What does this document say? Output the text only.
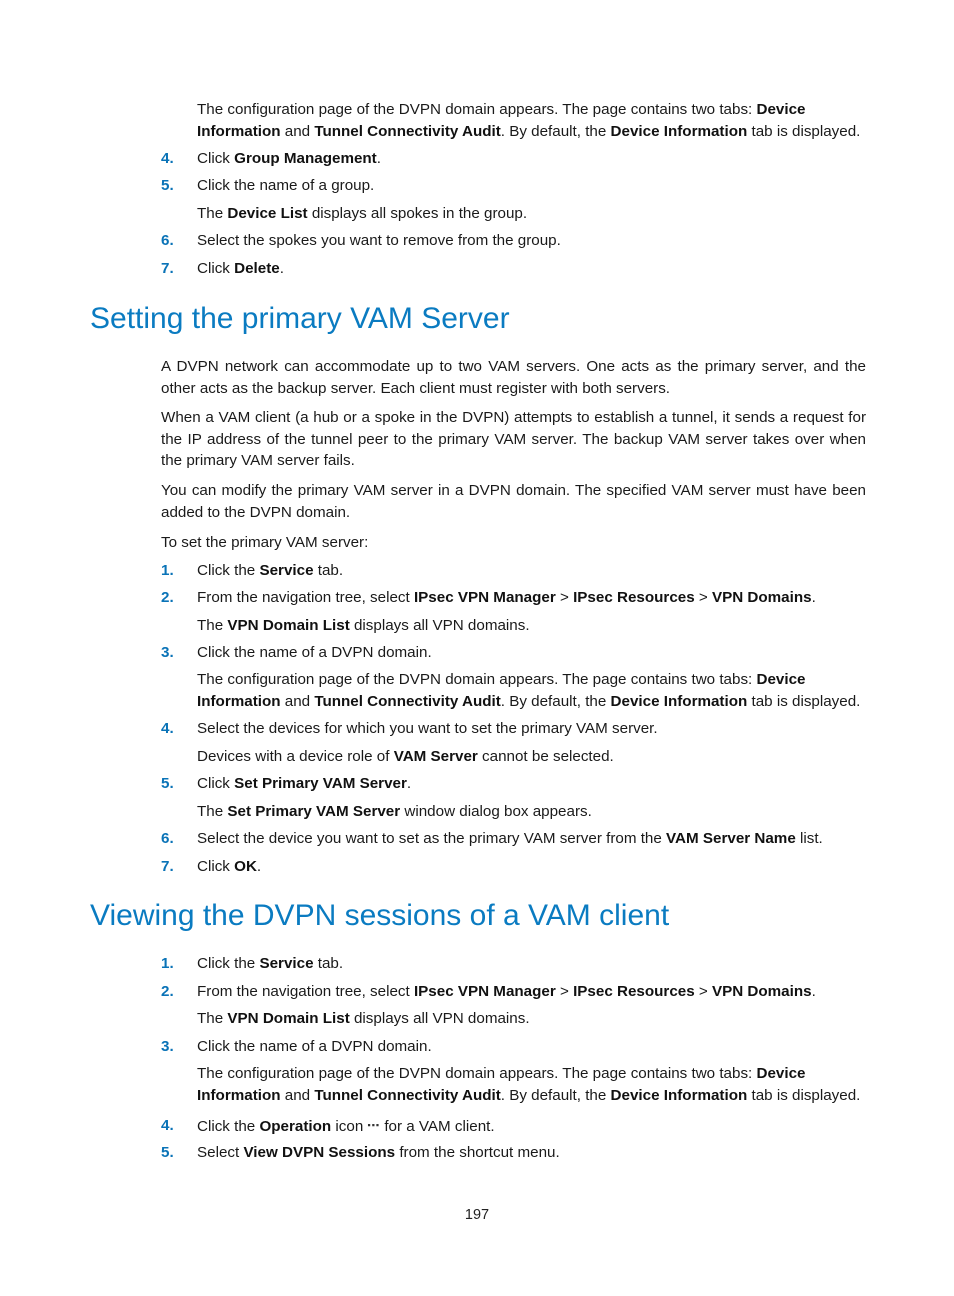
The configuration page of the DVPN domain appears. The page contains two tabs: Device Information and Tunnel Connectivity Audit. By default, the Device Information tab is displayed.

4.	Click Group Management.
5.	Click the name of a group.

The Device List displays all spokes in the group.

6.	Select the spokes you want to remove from the group.
7.	Click Delete.
Setting the primary VAM Server

A DVPN network can accommodate up to two VAM servers. One acts as the primary server, and the other acts as the backup server. Each client must register with both servers.

When a VAM client (a hub or a spoke in the DVPN) attempts to establish a tunnel, it sends a request for the IP address of the tunnel peer to the primary VAM server. The backup VAM server takes over when the primary VAM server fails.

You can modify the primary VAM server in a DVPN domain. The specified VAM server must have been added to the DVPN domain.

To set the primary VAM server:

1.	Click the Service tab.
2.	From the navigation tree, select IPsec VPN Manager > IPsec Resources > VPN Domains.

The VPN Domain List displays all VPN domains.

3.	Click the name of a DVPN domain.

The configuration page of the DVPN domain appears. The page contains two tabs: Device Information and Tunnel Connectivity Audit. By default, the Device Information tab is displayed.

4.	Select the devices for which you want to set the primary VAM server.

Devices with a device role of VAM Server cannot be selected.

5.	Click Set Primary VAM Server.

The Set Primary VAM Server window dialog box appears.

6.	Select the device you want to set as the primary VAM server from the VAM Server Name list.
7.	Click OK.
Viewing the DVPN sessions of a VAM client
1.	Click the Service tab.
2.	From the navigation tree, select IPsec VPN Manager > IPsec Resources > VPN Domains.

The VPN Domain List displays all VPN domains.

3.	Click the name of a DVPN domain.

The configuration page of the DVPN domain appears. The page contains two tabs: Device Information and Tunnel Connectivity Audit. By default, the Device Information tab is displayed.

4.	Click the Operation icon ▪▪▪ for a VAM client.
5.	Select View DVPN Sessions from the shortcut menu.
197
